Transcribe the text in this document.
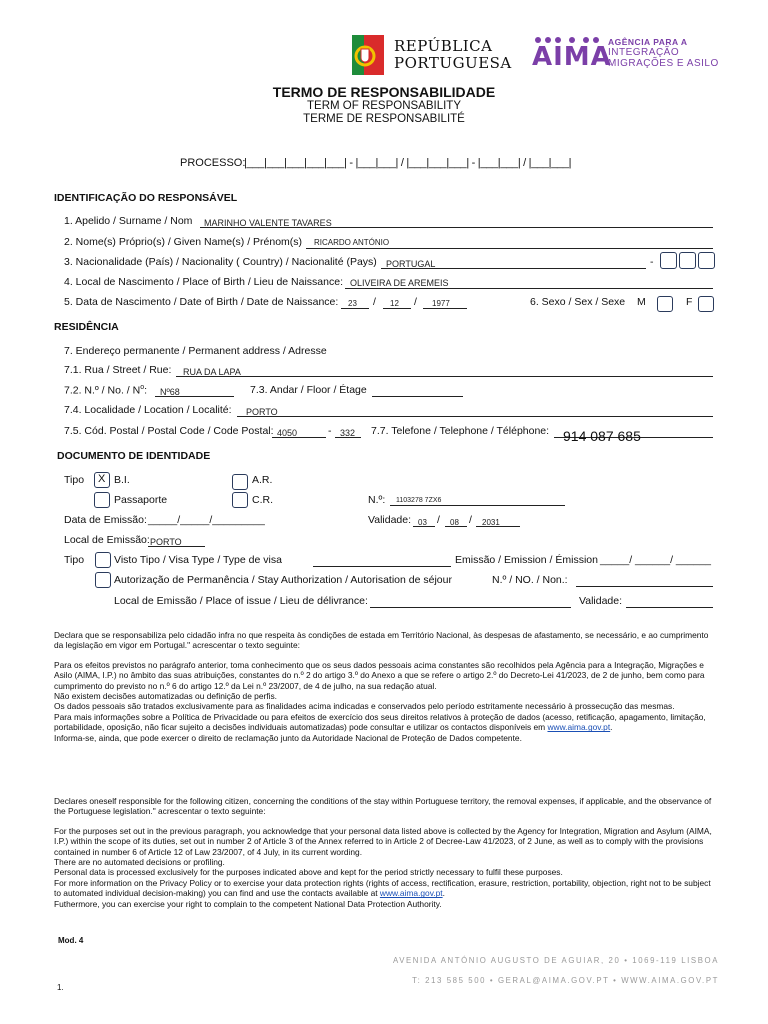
REPÚBLICA
PORTUGUESA AIMA
AGÊNCIA PARA A
INTEGRAÇÃO
MIGRAÇÕES E ASILO
TERMO DE RESPONSABILIDADE
TERM OF RESPONSABILITY
TERME DE RESPONSABILITÉ
PROCESSO:
|___|___|___|___|___| - |___|___| / |___|___|___| - |___|___| / |___|___|
IDENTIFICAÇÃO DO RESPONSÁVEL
1. Apelido / Surname / Nom MARINHO VALENTE TAVARES
2. Nome(s) Próprio(s) / Given Name(s) / Prénom(s) RICARDO ANTÓNIO
3. Nacionalidade (País) / Nacionality ( Country) / Nacionalité (Pays) PORTUGAL	-
4. Local de Nascimento / Place of Birth / Lieu de Naissance: OLIVEIRA DE AREMEIS
5. Data de Nascimento / Date of Birth / Date de Naissance: 23 / 12 / 1977	6. Sexo / Sex / Sexe M	F
RESIDÊNCIA
7. Endereço permanente / Permanent address / Adresse
7.1. Rua / Street / Rue: RUA DA LAPA
7.2. N.º / No. / $N^o$: Nº68	7.3. Andar / Floor / Étage
7.4. Localidade / Location / Localité: PORTO
7.5. Cód. Postal / Postal Code / Code Postal: 4050	- 332 7.7. Telefone / Telephone / Téléphone: 914 087 685
DOCUMENTO DE IDENTIDADE
Tipo X B.I.	A.R.
Passaporte	C.R.	N.º: 1103278 7ZX6
Data de Emissão: _____/_____/_________	Validade: 03 / 08 / 2031
Local de Emissão: PORTO
Tipo	Visto Tipo / Visa Type / Type de visa	Emissão / Emission / Émission _____/ ______/ ______
Autorização de Permanência / Stay Authorization / Autorisation de séjour	N.º / NO. / Non.:
Local de Emissão / Place of issue / Lieu de délivrance:	Validade:

Declara que se responsabiliza pelo cidadão infra no que respeita às condições de estada em Território Nacional, às despesas de afastamento, se necessário, e ao cumprimento da legislação em vigor em Portugal." acrescentar o texto seguinte:

Para os efeitos previstos no parágrafo anterior, toma conhecimento que os seus dados pessoais acima constantes são recolhidos pela Agência para a Integração, Migrações e Asilo (AIMA, I.P.) no âmbito das suas atribuições, constantes do n.º 2 do artigo 3.º do Anexo a que se refere o artigo 2.º do Decreto-Lei 41/2023, de 2 de junho, bem como para cumprimento do previsto no n.º 6 do artigo 12.º da Lei n.º 23/2007, de 4 de julho, na sua redação atual.
Não existem decisões automatizadas ou definição de perfis.
Os dados pessoais são tratados exclusivamente para as finalidades acima indicadas e conservados pelo período estritamente necessário à prossecução das mesmas.
Para mais informações sobre a Política de Privacidade ou para efeitos de exercício dos seus direitos relativos à proteção de dados (acesso, retificação, apagamento, limitação, portabilidade, oposição, não ficar sujeito a decisões individuais automatizadas) pode consultar e utilizar os contactos disponíveis em www.aima.gov.pt.
Informa-se, ainda, que pode exercer o direito de reclamação junto da Autoridade Nacional de Proteção de Dados competente.

Declares oneself responsible for the following citizen, concerning the conditions of the stay within Portuguese territory, the removal expenses, if applicable, and the observance of the Portuguese legislation." acrescentar o texto seguinte:

For the purposes set out in the previous paragraph, you acknowledge that your personal data listed above is collected by the Agency for Integration, Migration and Asylum (AIMA, I.P.) within the scope of its duties, set out in number 2 of Article 3 of the Annex referred to in Article 2 of Decree-Law 41/2023, of 2 June, as well as to comply with the provisions contained in number 6 of Article 12 of Law 23/2007, of 4 July, in its current wording.
There are no automated decisions or profiling.
Personal data is processed exclusively for the purposes indicated above and kept for the period strictly necessary to fulfil these purposes.
For more information on the Privacy Policy or to exercise your data protection rights (rights of access, rectification, erasure, restriction, portability, objection, right not to be subject to automated individual decision-making) you can find and use the contacts available at www.aima.gov.pt.
Futhermore, you can exercise your right to complain to the competent National Data Protection Authority.
Mod. 4
AVENIDA ANTÓNIO AUGUSTO DE AGUIAR, 20 • 1069-119 LISBOA
T: 213 585 500 • GERAL@AIMA.GOV.PT • WWW.AIMA.GOV.PT
1.
